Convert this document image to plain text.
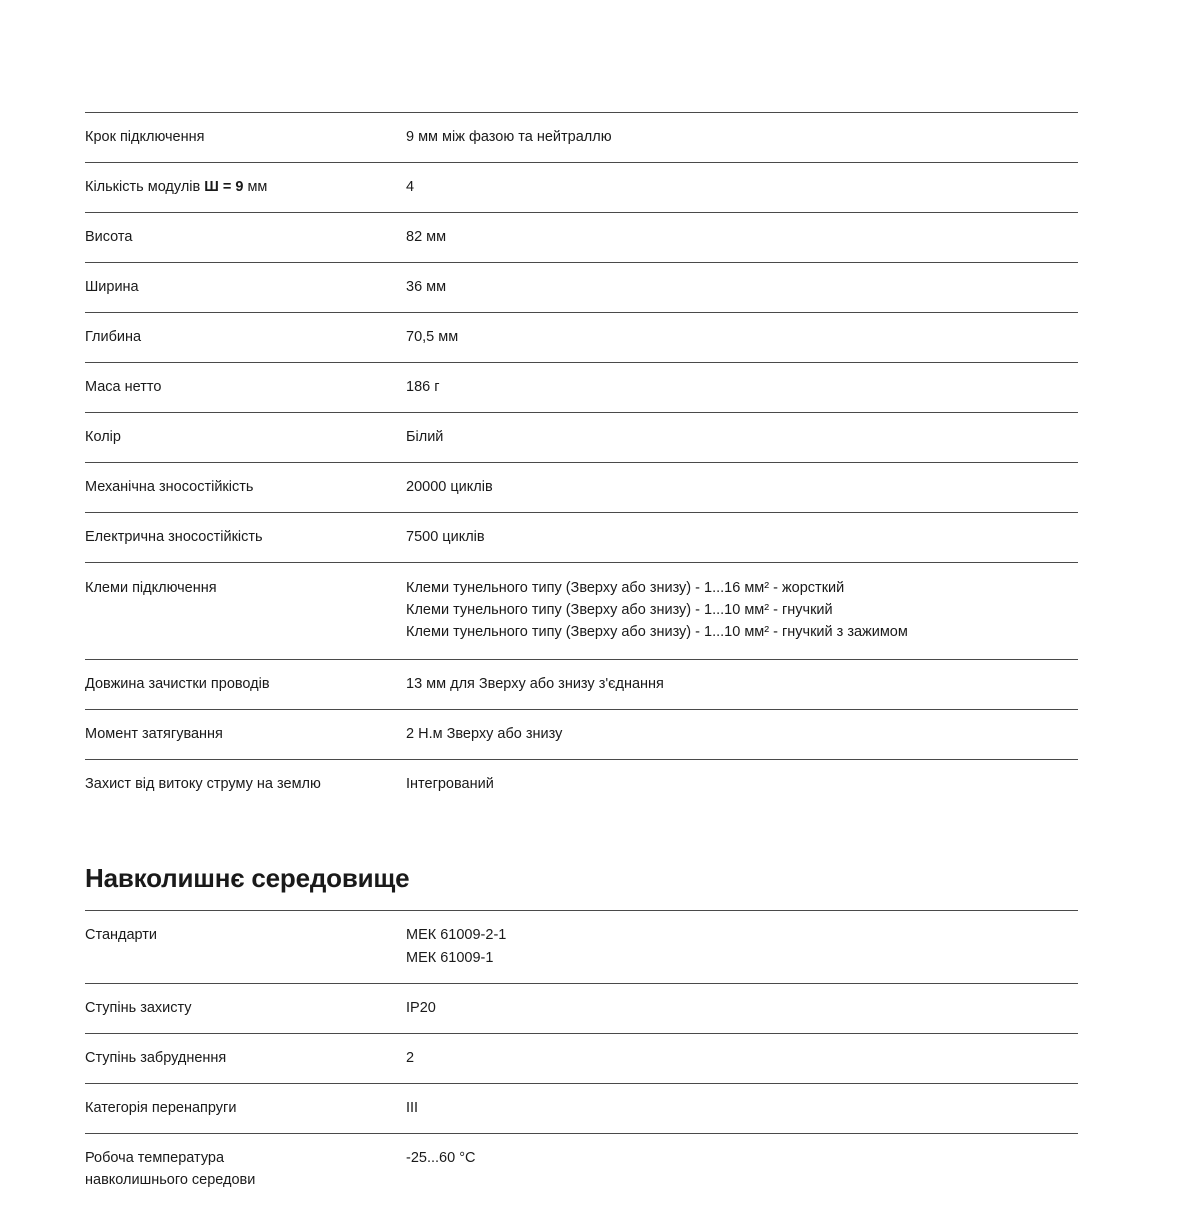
Крок підключення	9 мм між фазою та нейтраллю

Кількість модулів Ш = 9 мм	4

Висота	82 мм

Ширина	36 мм

Глибина	70,5 мм

Маса нетто	186 г

Колір	Білий

Механічна зносостійкість	20000 циклів

Електрична зносостійкість	7500 циклів

Клеми підключення	Клеми тунельного типу (Зверху або знизу) - 1...16 мм² - жорсткий
Клеми тунельного типу (Зверху або знизу) - 1...10 мм² - гнучкий
Клеми тунельного типу (Зверху або знизу) - 1...10 мм² - гнучкий з зажимом

Довжина зачистки проводів	13 мм для Зверху або знизу з'єднання

Момент затягування	2 Н.м Зверху або знизу

Захист від витоку струму на землю	Інтегрований
Навколишнє середовище
Стандарти	МЕК 61009-2-1
МЕК 61009-1

Ступінь захисту	IP20

Ступінь забруднення	2

Категорія перенапруги	III

Робоча температура
навколишнього середови	-25...60 °C
